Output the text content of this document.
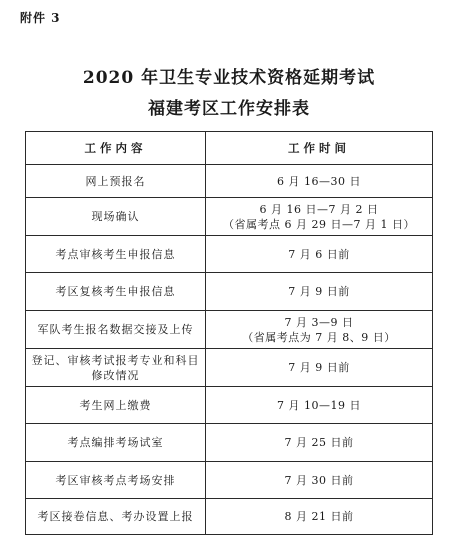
附件 3
2020 年卫生专业技术资格延期考试
福建考区工作安排表
工作内容	工作时间
网上预报名	6 月 16—30 日
现场确认	6 月 16 日—7 月 2 日
（省属考点 6 月 29 日—7 月 1 日）

考点审核考生申报信息	7 月 6 日前
考区复核考生申报信息	7 月 9 日前
军队考生报名数据交接及上传	7 月 3—9 日
（省属考点为 7 月 8、9 日）

登记、审核考试报考专业和科目修改情况	7 月 9 日前
考生网上缴费	7 月 10—19 日
考点编排考场试室	7 月 25 日前
考区审核考点考场安排	7 月 30 日前
考区接卷信息、考办设置上报	8 月 21 日前
